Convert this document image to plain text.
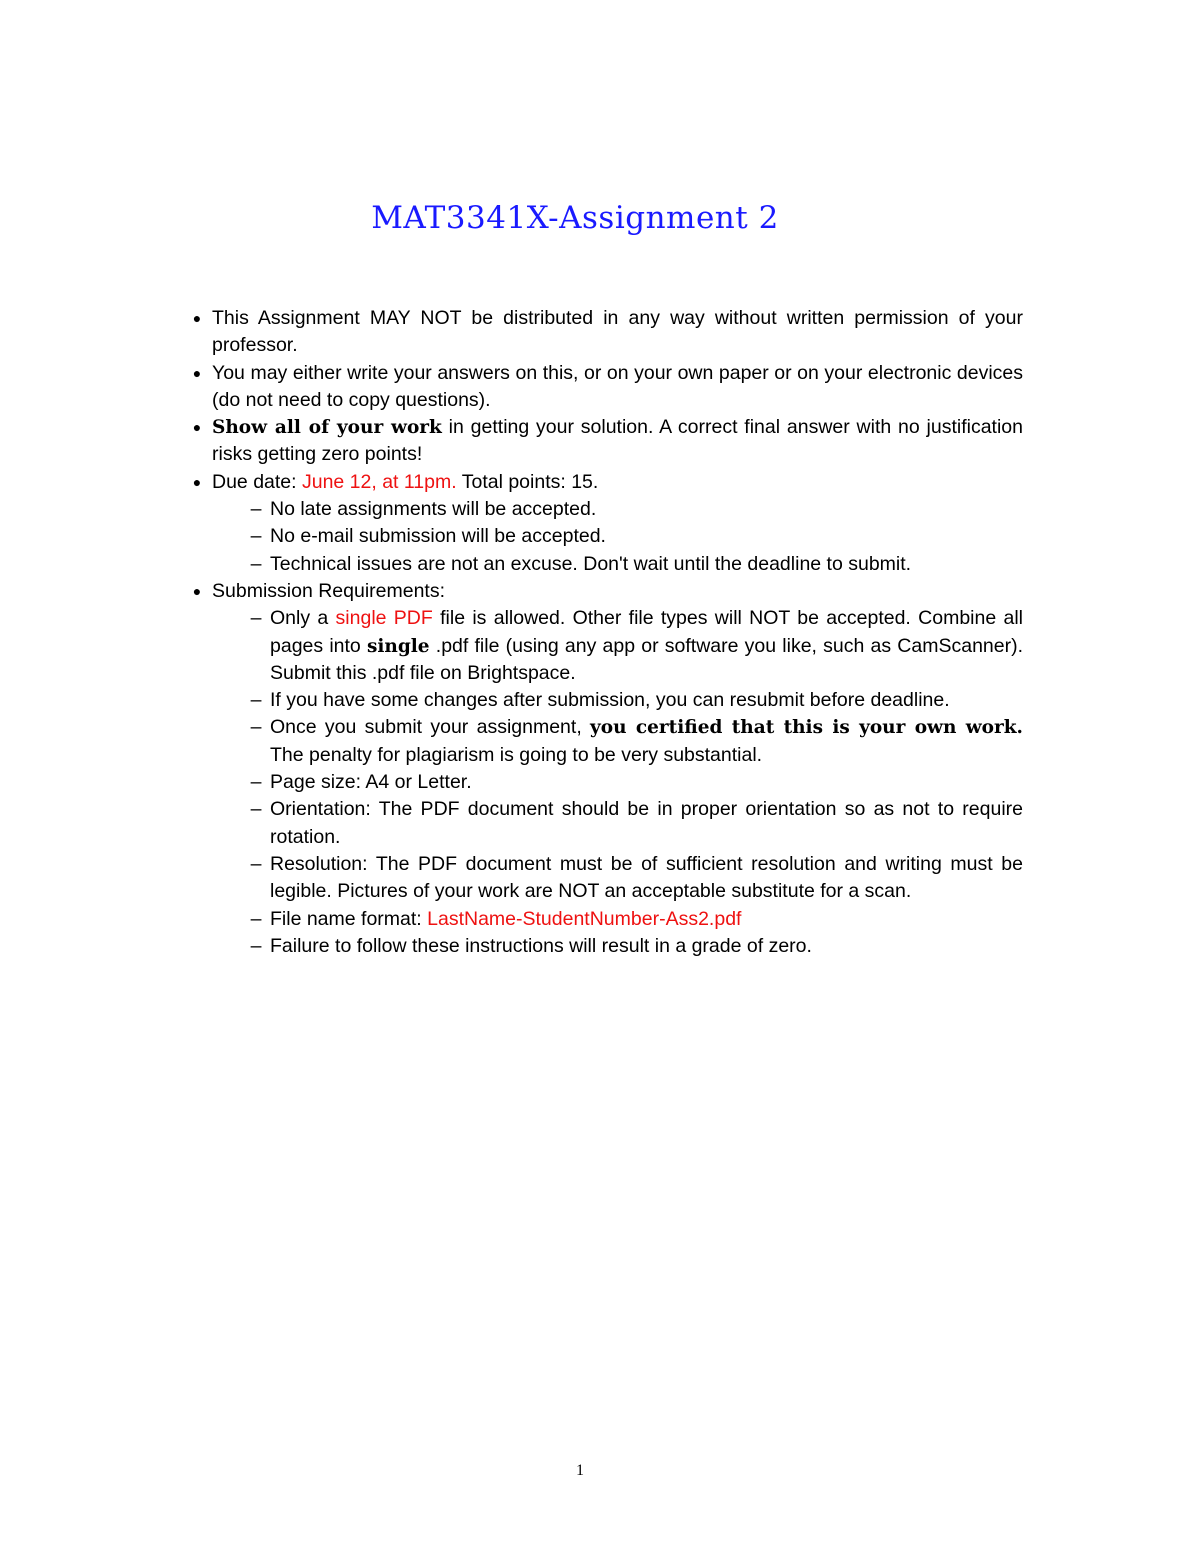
MAT3341X-Assignment 2
● This Assignment MAY NOT be distributed in any way without written permission of your professor.
● You may either write your answers on this, or on your own paper or on your electronic devices (do not need to copy questions).
● Show all of your work in getting your solution. A correct final answer with no justification risks getting zero points!
● Due date: June 12, at 11pm. Total points: 15.
– No late assignments will be accepted.
– No e-mail submission will be accepted.
– Technical issues are not an excuse. Don't wait until the deadline to submit.
● Submission Requirements:
– Only a single PDF file is allowed. Other file types will NOT be accepted. Combine all pages into single .pdf file (using any app or software you like, such as CamScanner). Submit this .pdf file on Brightspace.
– If you have some changes after submission, you can resubmit before deadline.
– Once you submit your assignment, you certified that this is your own work. The penalty for plagiarism is going to be very substantial.
– Page size: A4 or Letter.
– Orientation: The PDF document should be in proper orientation so as not to require rotation.
– Resolution: The PDF document must be of sufficient resolution and writing must be legible. Pictures of your work are NOT an acceptable substitute for a scan.
– File name format: LastName-StudentNumber-Ass2.pdf
– Failure to follow these instructions will result in a grade of zero.
1
